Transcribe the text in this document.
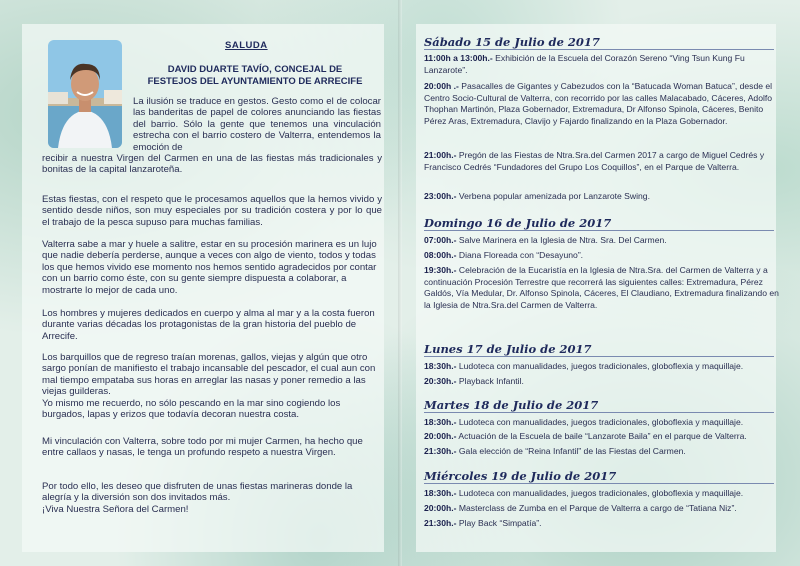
SALUDA
DAVID DUARTE TAVÍO, CONCEJAL DE
FESTEJOS DEL AYUNTAMIENTO DE ARRECIFE

La ilusión se traduce en gestos. Gesto como el de colocar las banderitas de papel de colores anunciando las fiestas del barrio. Sólo la gente que tenemos una vinculación estrecha con el barrio costero de Valterra, entendemos la emoción de

recibir a nuestra Virgen del Carmen en una de las fiestas más tradicionales y bonitas de la capital lanzaroteña.

Estas fiestas, con el respeto que le procesamos aquellos que la hemos vivido y sentido desde niños, son muy especiales por su tradición costera y por lo que el trabajo de la pesca supuso para muchas familias.

Valterra sabe a mar y huele a salitre, estar en su procesión marinera es un lujo que nadie debería perderse, aunque a veces con algo de viento, todos y todas los que hemos vivido ese momento nos hemos sentido agradecidos por contar con un barrio como éste, con su gente siempre dispuesta a colaborar, a mostrarte lo mejor de cada uno.

Los hombres y mujeres dedicados en cuerpo y alma al mar y a la costa fueron durante varias décadas los protagonistas de la gran historia del pueblo de Arrecife.

Los barquillos que de regreso traían morenas, gallos, viejas y algún que otro sargo ponían de manifiesto el trabajo incansable del pescador, el cual aun con mal tiempo empataba sus horas en arreglar las nasas y poner remedio a las viejas guilderas.
Yo mismo me recuerdo, no sólo pescando en la mar sino cogiendo los burgados, lapas y erizos que todavía decoran nuestra costa.

Mi vinculación con Valterra, sobre todo por mi mujer Carmen, ha hecho que entre callaos y nasas, le tenga un profundo respeto a nuestra Virgen.

Por todo ello, les deseo que disfruten de unas fiestas marineras donde la alegría y la diversión son dos invitados más.
¡Viva Nuestra Señora del Carmen!
Sábado 15 de Julio de 2017
11:00h a 13:00h.- Exhibición de la Escuela del Corazón Sereno “Ving Tsun Kung Fu Lanzarote”.
20:00h .- Pasacalles de Gigantes y Cabezudos con la “Batucada Woman Batuca”, desde el Centro Socio-Cultural de Valterra, con recorrido por las calles Malacabado, Cáceres, Adolfo Thophan Martinón, Plaza Gobernador, Extremadura, Dr Alfonso Spinola, Cáceres, Benito Pérez Aras, Extremadura, Clavijo y Fajardo finalizando en la Plaza Gobernador.
21:00h.- Pregón de las Fiestas de Ntra.Sra.del Carmen 2017 a cargo de Miguel Cedrés y Francisco Cedrés “Fundadores del Grupo Los Coquillos”, en el Parque de Valterra.
23:00h.- Verbena popular amenizada por Lanzarote Swing.
Domingo 16 de Julio de 2017
07:00h.- Salve Marinera en la Iglesia de Ntra. Sra. Del Carmen.
08:00h.- Diana Floreada con “Desayuno”.
19:30h.- Celebración de la Eucaristía en la Iglesia de Ntra.Sra. del Carmen de Valterra y a continuación Procesión Terrestre que recorrerá las siguientes calles: Extremadura, Pérez Galdós, Vía Medular, Dr. Alfonso Spinola, Cáceres, El Claudiano, Extremadura finalizando en la Iglesia de Ntra.Sra.del Carmen de Valterra.
Lunes 17 de Julio de 2017
18:30h.- Ludoteca con manualidades, juegos tradicionales, globoflexia y maquillaje.
20:30h.- Playback Infantil.
Martes 18 de Julio de 2017
18:30h.- Ludoteca con manualidades, juegos tradicionales, globoflexia y maquillaje.
20:00h.- Actuación de la Escuela de baile “Lanzarote Baila” en el parque de Valterra.
21:30h.- Gala elección de “Reina Infantil” de las Fiestas del Carmen.
Miércoles 19 de Julio de 2017
18:30h.- Ludoteca con manualidades, juegos tradicionales, globoflexia y maquillaje.
20:00h.- Masterclass de Zumba en el Parque de Valterra a cargo de “Tatiana Niz”.
21:30h.- Play Back “Simpatía”.
